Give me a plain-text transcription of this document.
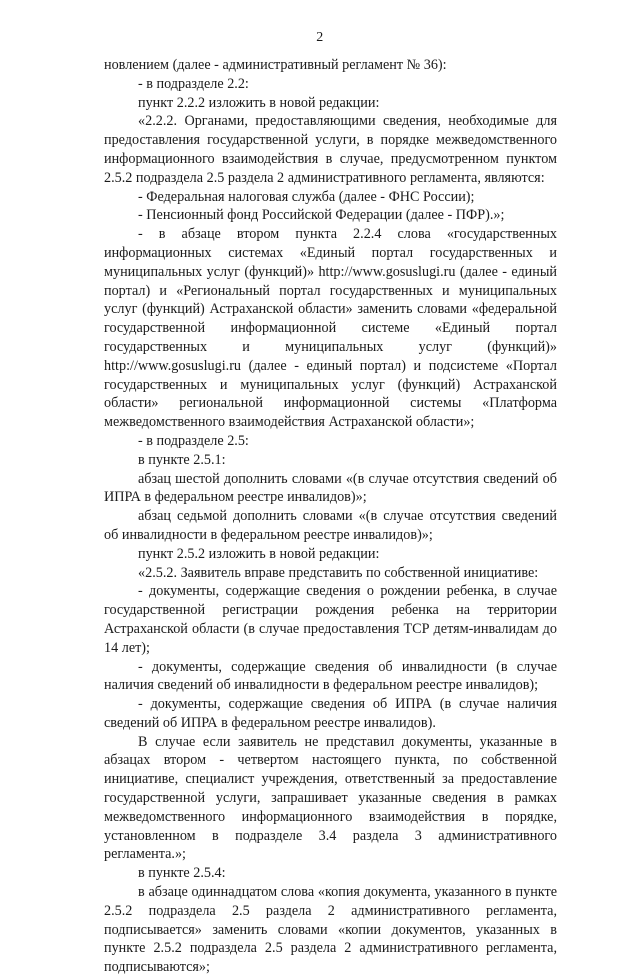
2

новлением (далее - административный регламент № 36):

- в подразделе 2.2:

пункт 2.2.2 изложить в новой редакции:

«2.2.2. Органами, предоставляющими сведения, необходимые для предоставления государственной услуги, в порядке межведомственного информационного взаимодействия в случае, предусмотренном пунктом 2.5.2 подраздела 2.5 раздела 2 административного регламента, являются:

- Федеральная налоговая служба (далее - ФНС России);

- Пенсионный фонд Российской Федерации (далее - ПФР).»;

- в абзаце втором пункта 2.2.4 слова «государственных информационных системах «Единый портал государственных и муниципальных услуг (функций)» http://www.gosuslugi.ru (далее - единый портал) и «Региональный портал государственных и муниципальных услуг (функций) Астраханской области» заменить словами «федеральной государственной информационной системе «Единый портал государственных и муниципальных услуг (функций)» http://www.gosuslugi.ru (далее - единый портал) и подсистеме «Портал государственных и муниципальных услуг (функций) Астраханской области» региональной информационной системы «Платформа межведомственного взаимодействия Астраханской области»;

- в подразделе 2.5:

в пункте 2.5.1:

абзац шестой дополнить словами «(в случае отсутствия сведений об ИПРА в федеральном реестре инвалидов)»;

абзац седьмой дополнить словами «(в случае отсутствия сведений об инвалидности в федеральном реестре инвалидов)»;

пункт 2.5.2 изложить в новой редакции:

«2.5.2. Заявитель вправе представить по собственной инициативе:

- документы, содержащие сведения о рождении ребенка, в случае государственной регистрации рождения ребенка на территории Астраханской области (в случае предоставления ТСР детям-инвалидам до 14 лет);

- документы, содержащие сведения об инвалидности (в случае наличия сведений об инвалидности в федеральном реестре инвалидов);

- документы, содержащие сведения об ИПРА (в случае наличия сведений об ИПРА в федеральном реестре инвалидов).

В случае если заявитель не представил документы, указанные в абзацах втором - четвертом настоящего пункта, по собственной инициативе, специалист учреждения, ответственный за предоставление государственной услуги, запрашивает указанные сведения в рамках межведомственного информационного взаимодействия в порядке, установленном в подразделе 3.4 раздела 3 административного регламента.»;

в пункте 2.5.4:

в абзаце одиннадцатом слова «копия документа, указанного в пункте 2.5.2 подраздела 2.5 раздела 2 административного регламента, подписывается» заменить словами «копии документов, указанных в пункте 2.5.2 подраздела 2.5 раздела 2 административного регламента, подписываются»;
